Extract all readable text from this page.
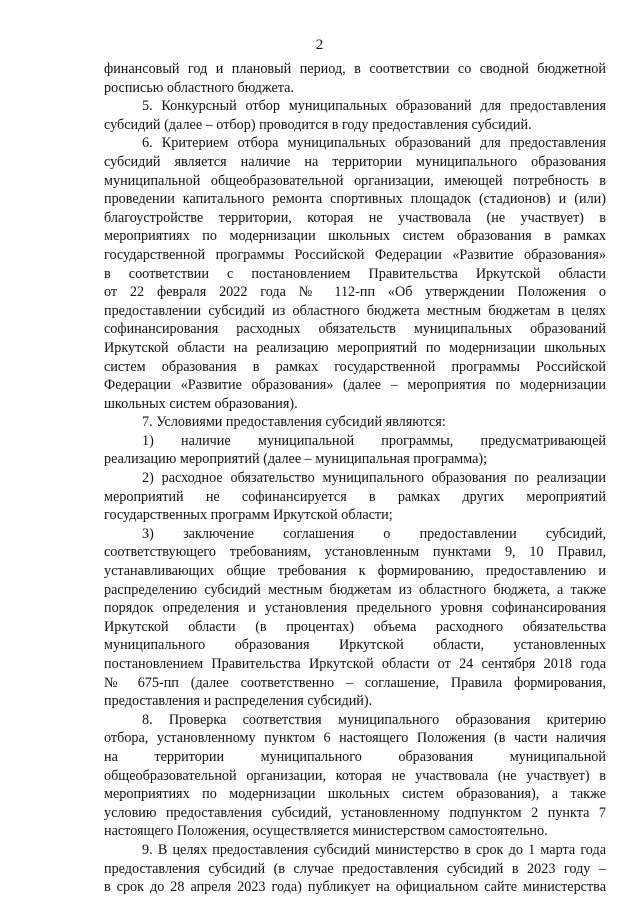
2
финансовый год и плановый период, в соответствии со сводной бюджетной
росписью областного бюджета.
5. Конкурсный отбор муниципальных образований для предоставления
субсидий (далее – отбор) проводится в году предоставления субсидий.
6. Критерием отбора муниципальных образований для предоставления
субсидий является наличие на территории муниципального образования
муниципальной общеобразовательной организации, имеющей потребность в
проведении капитального ремонта спортивных площадок (стадионов) и (или)
благоустройстве территории, которая не участвовала (не участвует) в
мероприятиях по модернизации школьных систем образования в рамках
государственной программы Российской Федерации «Развитие образования»
в соответствии с постановлением Правительства Иркутской области
от 22 февраля 2022 года № 112-пп «Об утверждении Положения о
предоставлении субсидий из областного бюджета местным бюджетам в целях
софинансирования расходных обязательств муниципальных образований
Иркутской области на реализацию мероприятий по модернизации школьных
систем образования в рамках государственной программы Российской
Федерации «Развитие образования» (далее – мероприятия по модернизации
школьных систем образования).
7. Условиями предоставления субсидий являются:
1) наличие муниципальной программы, предусматривающей
реализацию мероприятий (далее – муниципальная программа);
2) расходное обязательство муниципального образования по реализации
мероприятий не софинансируется в рамках других мероприятий
государственных программ Иркутской области;
3) заключение соглашения о предоставлении субсидий,
соответствующего требованиям, установленным пунктами 9, 10 Правил,
устанавливающих общие требования к формированию, предоставлению и
распределению субсидий местным бюджетам из областного бюджета, а также
порядок определения и установления предельного уровня софинансирования
Иркутской области (в процентах) объема расходного обязательства
муниципального образования Иркутской области, установленных
постановлением Правительства Иркутской области от 24 сентября 2018 года
№ 675-пп (далее соответственно – соглашение, Правила формирования,
предоставления и распределения субсидий).
8. Проверка соответствия муниципального образования критерию
отбора, установленному пунктом 6 настоящего Положения (в части наличия
на территории муниципального образования муниципальной
общеобразовательной организации, которая не участвовала (не участвует) в
мероприятиях по модернизации школьных систем образования), а также
условию предоставления субсидий, установленному подпунктом 2 пункта 7
настоящего Положения, осуществляется министерством самостоятельно.
9. В целях предоставления субсидий министерство в срок до 1 марта года
предоставления субсидий (в случае предоставления субсидий в 2023 году –
в срок до 28 апреля 2023 года) публикует на официальном сайте министерства
